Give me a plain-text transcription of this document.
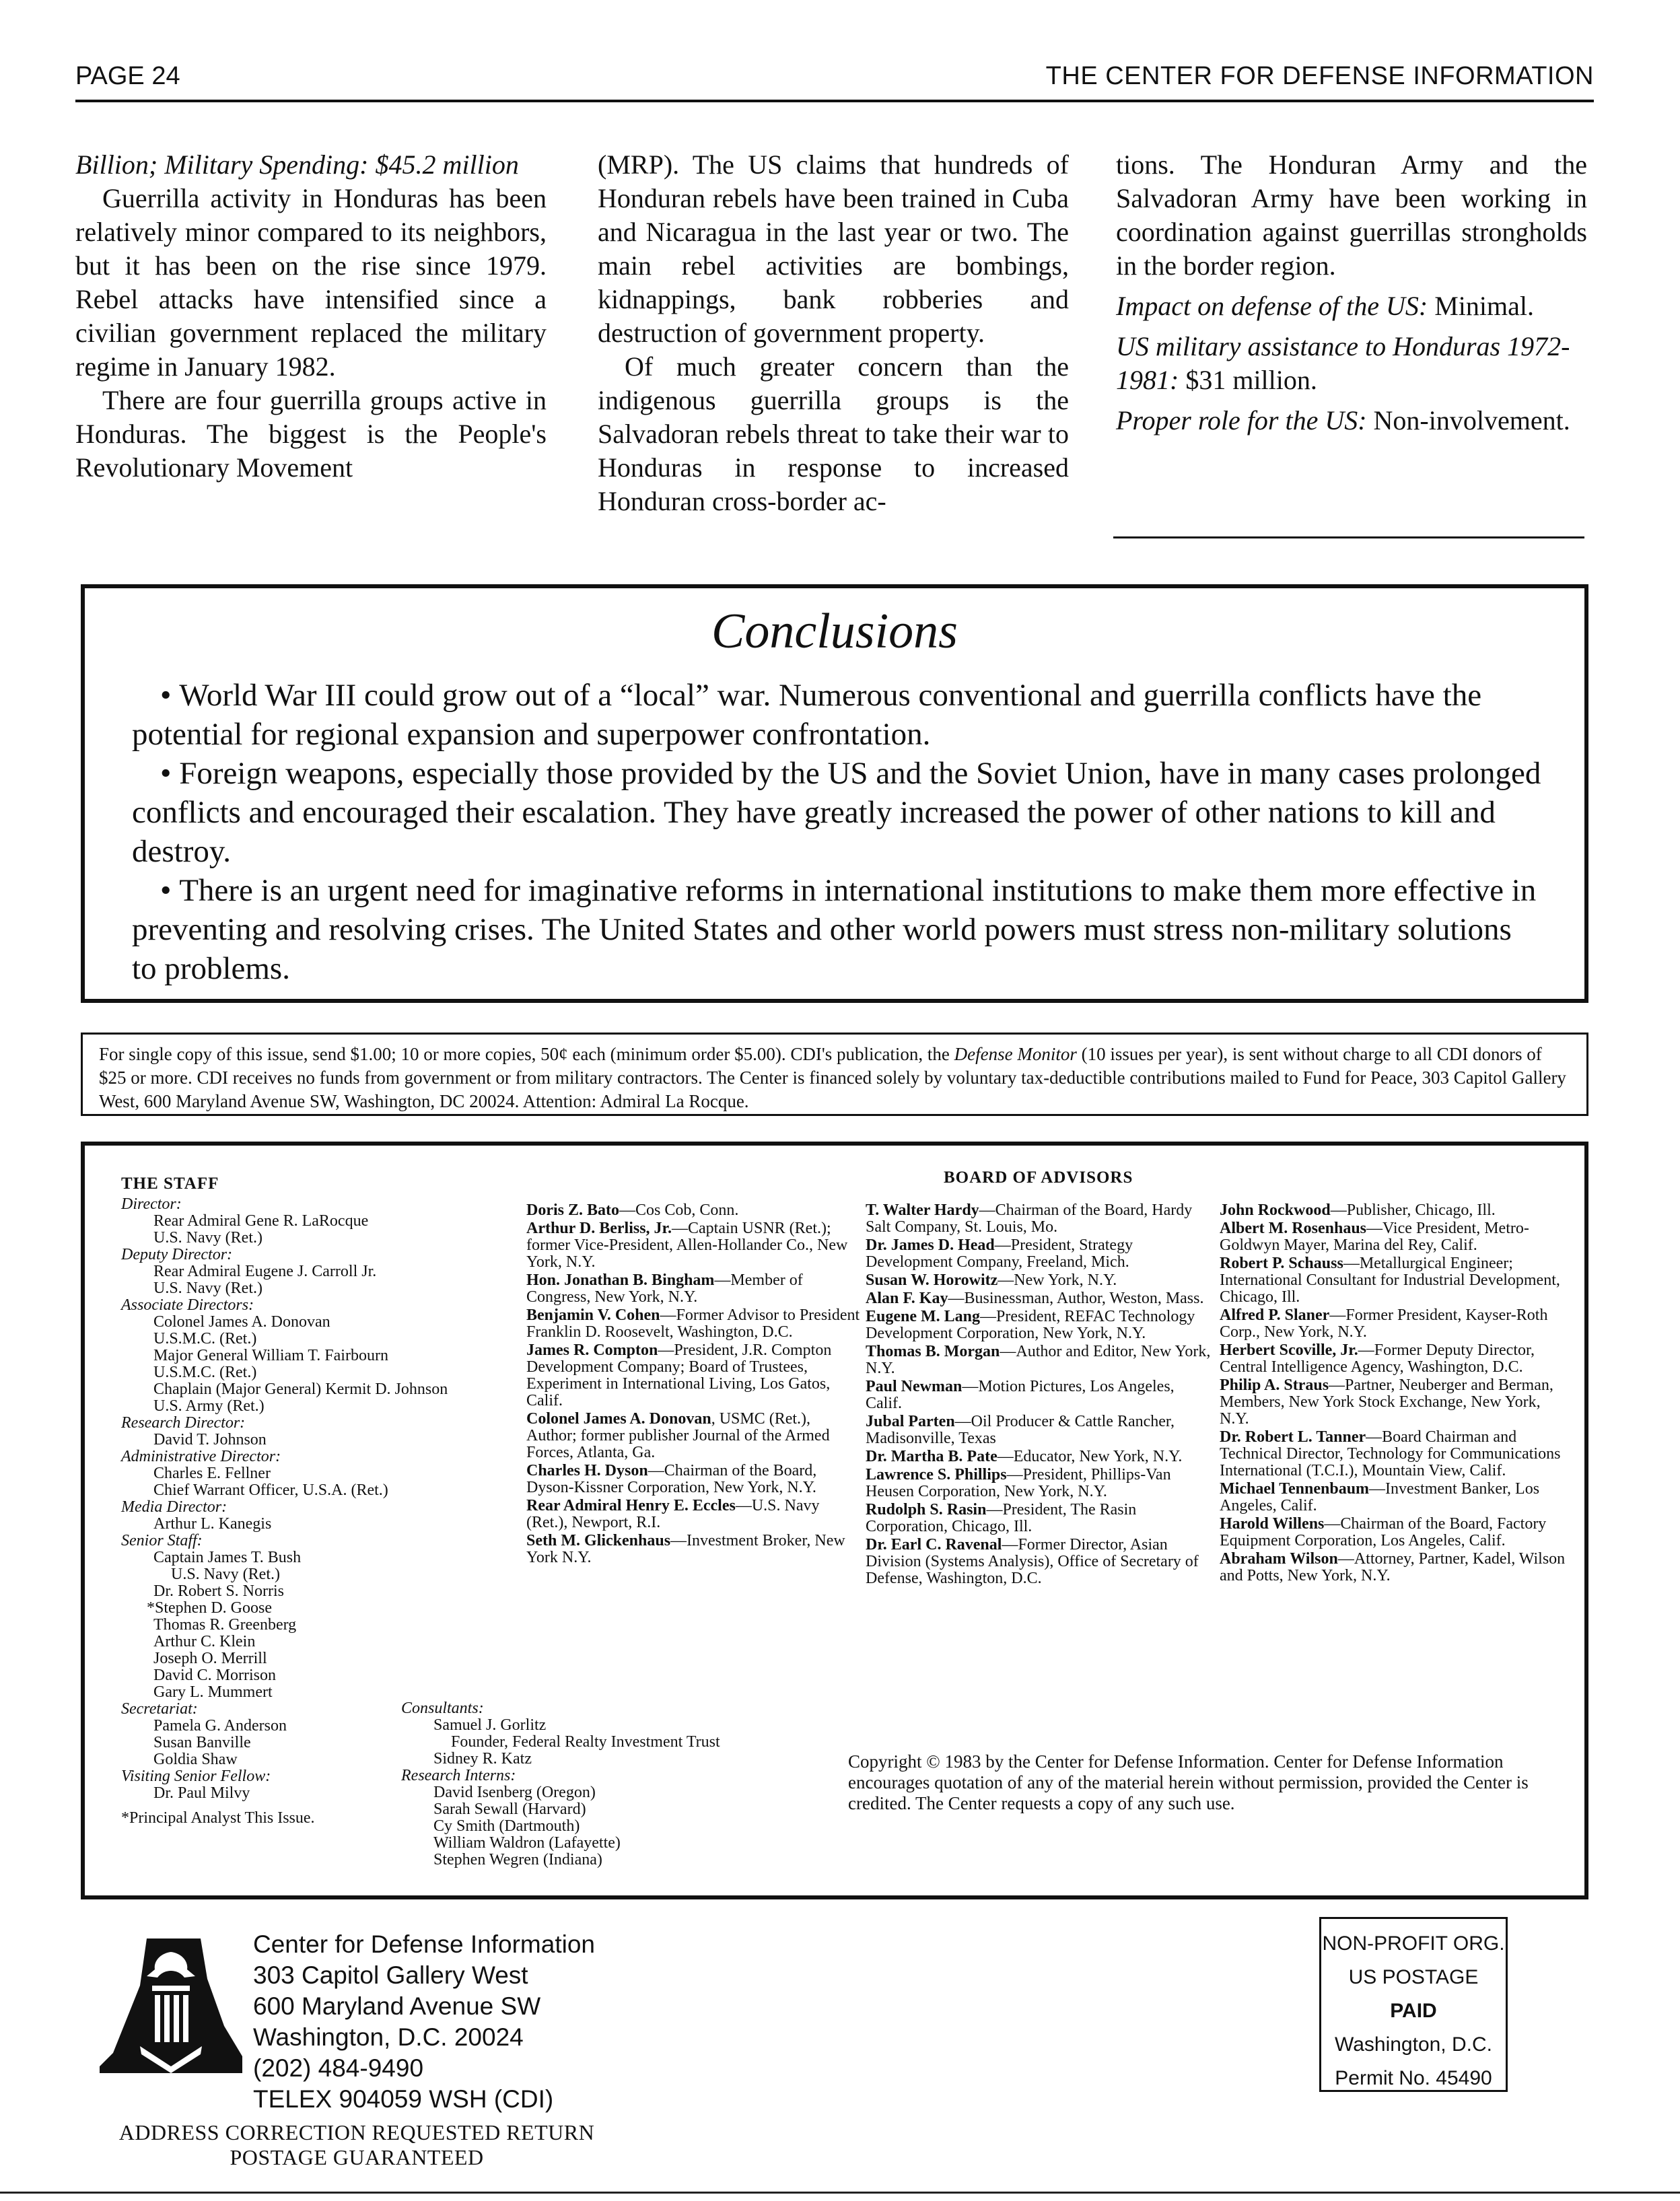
PAGE 24	THE CENTER FOR DEFENSE INFORMATION

Billion; Military Spending: $45.2 million

Guerrilla activity in Honduras has been relatively minor compared to its neighbors, but it has been on the rise since 1979. Rebel attacks have intensified since a civilian government replaced the military regime in January 1982.

There are four guerrilla groups active in Honduras. The biggest is the People's Revolutionary Movement

(MRP). The US claims that hundreds of Honduran rebels have been trained in Cuba and Nicaragua in the last year or two. The main rebel activities are bombings, kidnappings, bank robberies and destruction of government property.

Of much greater concern than the indigenous guerrilla groups is the Salvadoran rebels threat to take their war to Honduras in response to increased Honduran cross-border ac-

tions. The Honduran Army and the Salvadoran Army have been working in coordination against guerrillas strongholds in the border region.

Impact on defense of the US: Minimal.

US military assistance to Honduras 1972-1981: $31 million.

Proper role for the US: Non-involvement.

Conclusions

• World War III could grow out of a “local” war. Numerous conventional and guerrilla conflicts have the potential for regional expansion and superpower confrontation.

• Foreign weapons, especially those provided by the US and the Soviet Union, have in many cases prolonged conflicts and encouraged their escalation. They have greatly increased the power of other nations to kill and destroy.

• There is an urgent need for imaginative reforms in international institutions to make them more effective in preventing and resolving crises. The United States and other world powers must stress non-military solutions to problems.

For single copy of this issue, send $1.00; 10 or more copies, 50¢ each (minimum order $5.00). CDI's publication, the Defense Monitor (10 issues per year), is sent without charge to all CDI donors of $25 or more. CDI receives no funds from government or from military contractors. The Center is financed solely by voluntary tax-deductible contributions mailed to Fund for Peace, 303 Capitol Gallery West, 600 Maryland Avenue SW, Washington, DC 20024. Attention: Admiral La Rocque.
THE STAFF
Director:
Rear Admiral Gene R. LaRocque
U.S. Navy (Ret.)
Deputy Director:
Rear Admiral Eugene J. Carroll Jr.
U.S. Navy (Ret.)
Associate Directors:
Colonel James A. Donovan
U.S.M.C. (Ret.)
Major General William T. Fairbourn
U.S.M.C. (Ret.)
Chaplain (Major General) Kermit D. Johnson
U.S. Army (Ret.)
Research Director:
David T. Johnson
Administrative Director:
Charles E. Fellner
Chief Warrant Officer, U.S.A. (Ret.)
Media Director:
Arthur L. Kanegis
Senior Staff:
Captain James T. Bush
U.S. Navy (Ret.)
Dr. Robert S. Norris
*Stephen D. Goose
Thomas R. Greenberg
Arthur C. Klein
Joseph O. Merrill
David C. Morrison
Gary L. Mummert
Secretariat:
Pamela G. Anderson
Susan Banville
Goldia Shaw
Visiting Senior Fellow:
Dr. Paul Milvy
*Principal Analyst This Issue.
Consultants:
Samuel J. Gorlitz
Founder, Federal Realty Investment Trust
Sidney R. Katz
Research Interns:
David Isenberg (Oregon)
Sarah Sewall (Harvard)
Cy Smith (Dartmouth)
William Waldron (Lafayette)
Stephen Wegren (Indiana)
BOARD OF ADVISORS
Doris Z. Bato—Cos Cob, Conn.
Arthur D. Berliss, Jr.—Captain USNR (Ret.); former Vice-President, Allen-Hollander Co., New York, N.Y.
Hon. Jonathan B. Bingham—Member of Congress, New York, N.Y.
Benjamin V. Cohen—Former Advisor to President Franklin D. Roosevelt, Washington, D.C.
James R. Compton—President, J.R. Compton Development Company; Board of Trustees, Experiment in International Living, Los Gatos, Calif.
Colonel James A. Donovan, USMC (Ret.), Author; former publisher Journal of the Armed Forces, Atlanta, Ga.
Charles H. Dyson—Chairman of the Board, Dyson-Kissner Corporation, New York, N.Y.
Rear Admiral Henry E. Eccles—U.S. Navy (Ret.), Newport, R.I.
Seth M. Glickenhaus—Investment Broker, New York N.Y.
T. Walter Hardy—Chairman of the Board, Hardy Salt Company, St. Louis, Mo.
Dr. James D. Head—President, Strategy Development Company, Freeland, Mich.
Susan W. Horowitz—New York, N.Y.
Alan F. Kay—Businessman, Author, Weston, Mass.
Eugene M. Lang—President, REFAC Technology Development Corporation, New York, N.Y.
Thomas B. Morgan—Author and Editor, New York, N.Y.
Paul Newman—Motion Pictures, Los Angeles, Calif.
Jubal Parten—Oil Producer & Cattle Rancher, Madisonville, Texas
Dr. Martha B. Pate—Educator, New York, N.Y.
Lawrence S. Phillips—President, Phillips-Van Heusen Corporation, New York, N.Y.
Rudolph S. Rasin—President, The Rasin Corporation, Chicago, Ill.
Dr. Earl C. Ravenal—Former Director, Asian Division (Systems Analysis), Office of Secretary of Defense, Washington, D.C.
John Rockwood—Publisher, Chicago, Ill.
Albert M. Rosenhaus—Vice President, Metro-Goldwyn Mayer, Marina del Rey, Calif.
Robert P. Schauss—Metallurgical Engineer; International Consultant for Industrial Development, Chicago, Ill.
Alfred P. Slaner—Former President, Kayser-Roth Corp., New York, N.Y.
Herbert Scoville, Jr.—Former Deputy Director, Central Intelligence Agency, Washington, D.C.
Philip A. Straus—Partner, Neuberger and Berman, Members, New York Stock Exchange, New York, N.Y.
Dr. Robert L. Tanner—Board Chairman and Technical Director, Technology for Communications International (T.C.I.), Mountain View, Calif.
Michael Tennenbaum—Investment Banker, Los Angeles, Calif.
Harold Willens—Chairman of the Board, Factory Equipment Corporation, Los Angeles, Calif.
Abraham Wilson—Attorney, Partner, Kadel, Wilson and Potts, New York, N.Y.
Copyright © 1983 by the Center for Defense Information. Center for Defense Information encourages quotation of any of the material herein without permission, provided the Center is credited. The Center requests a copy of any such use.
Center for Defense Information
303 Capitol Gallery West
600 Maryland Avenue SW
Washington, D.C. 20024
(202) 484-9490
TELEX 904059 WSH (CDI)
ADDRESS CORRECTION REQUESTED RETURN
POSTAGE GUARANTEED
NON-PROFIT ORG.
US POSTAGE
PAID
Washington, D.C.
Permit No. 45490
